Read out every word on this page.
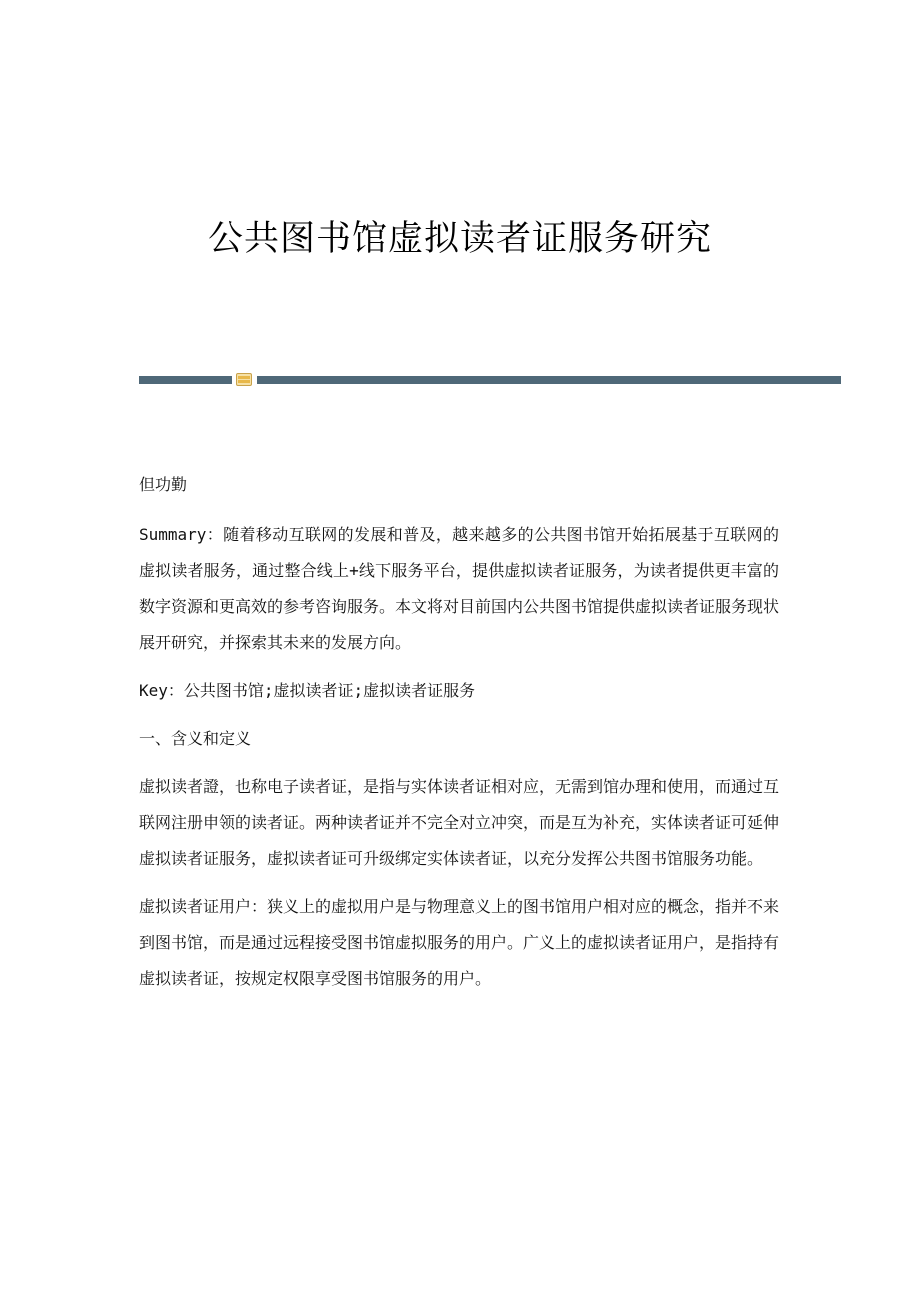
公共图书馆虚拟读者证服务研究

但功勤

Summary：随着移动互联网的发展和普及，越来越多的公共图书馆开始拓展基于互联网的虚拟读者服务，通过整合线上+线下服务平台，提供虚拟读者证服务，为读者提供更丰富的数字资源和更高效的参考咨询服务。本文将对目前国内公共图书馆提供虚拟读者证服务现状展开研究，并探索其未来的发展方向。

Key：公共图书馆;虚拟读者证;虚拟读者证服务

一、含义和定义

虚拟读者證，也称电子读者证，是指与实体读者证相对应，无需到馆办理和使用，而通过互联网注册申领的读者证。两种读者证并不完全对立冲突，而是互为补充，实体读者证可延伸虚拟读者证服务，虚拟读者证可升级绑定实体读者证，以充分发挥公共图书馆服务功能。

虚拟读者证用户：狭义上的虚拟用户是与物理意义上的图书馆用户相对应的概念，指并不来到图书馆，而是通过远程接受图书馆虚拟服务的用户。广义上的虚拟读者证用户，是指持有虚拟读者证，按规定权限享受图书馆服务的用户。
